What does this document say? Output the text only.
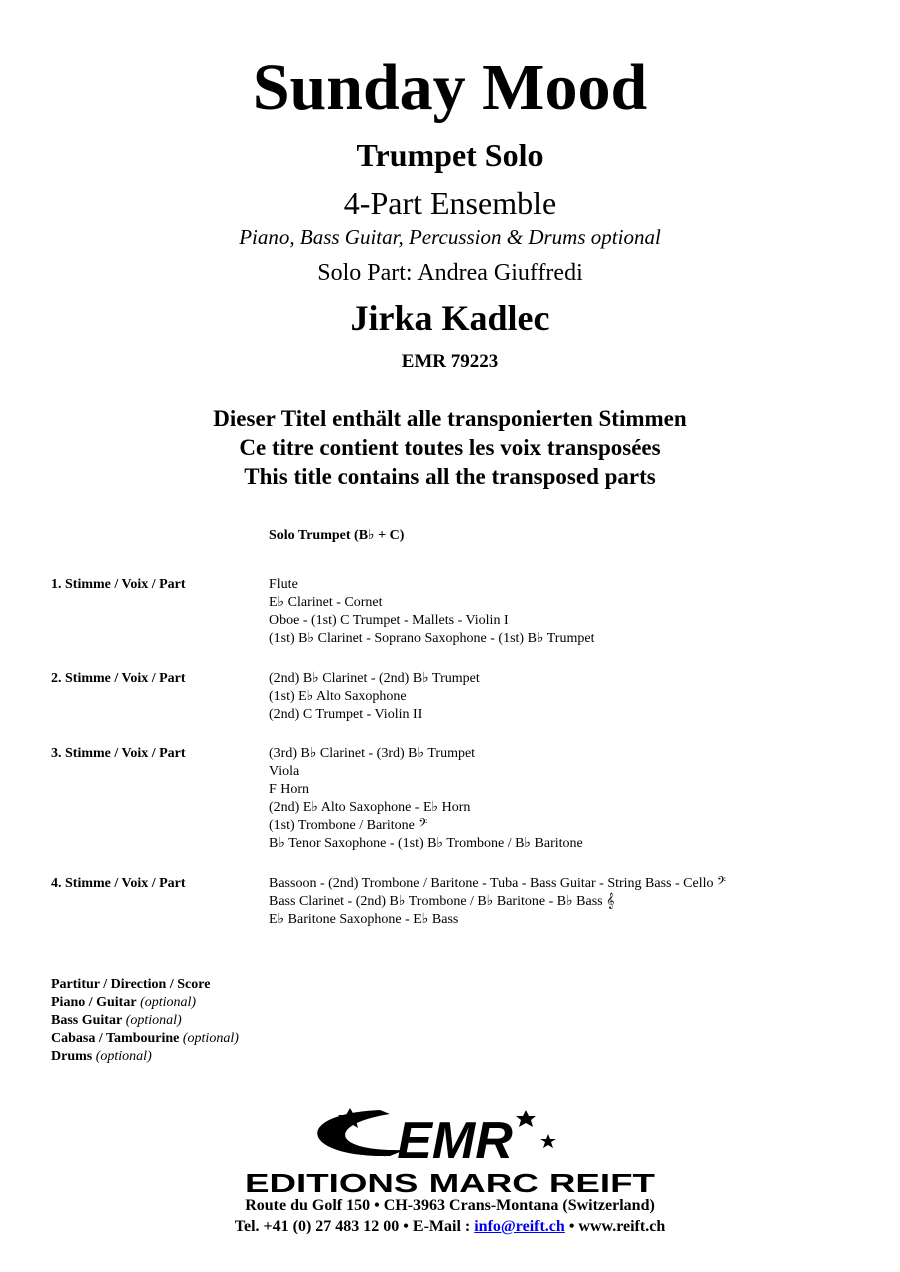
Sunday Mood
Trumpet Solo
4-Part Ensemble
Piano, Bass Guitar, Percussion & Drums optional
Solo Part: Andrea Giuffredi
Jirka Kadlec
EMR 79223
Dieser Titel enthält alle transponierten Stimmen
Ce titre contient toutes les voix transposées
This title contains all the transposed parts
Solo Trumpet (B♭ + C)
1. Stimme / Voix / Part	Flute
E♭ Clarinet - Cornet
Oboe - (1st) C Trumpet - Mallets - Violin I
(1st) B♭ Clarinet - Soprano Saxophone - (1st) B♭ Trumpet
2. Stimme / Voix / Part	(2nd) B♭ Clarinet - (2nd) B♭ Trumpet
(1st) E♭ Alto Saxophone
(2nd) C Trumpet - Violin II
3. Stimme / Voix / Part	(3rd) B♭ Clarinet - (3rd) B♭ Trumpet
Viola
F Horn
(2nd) E♭ Alto Saxophone - E♭ Horn
(1st) Trombone / Baritone 𝄢
B♭ Tenor Saxophone - (1st) B♭ Trombone / B♭ Baritone
4. Stimme / Voix / Part	Bassoon - (2nd) Trombone / Baritone - Tuba - Bass Guitar - String Bass - Cello 𝄢
Bass Clarinet - (2nd) B♭ Trombone / B♭ Baritone - B♭ Bass 𝄞
E♭ Baritone Saxophone - E♭ Bass
Partitur / Direction / Score
Piano / Guitar (optional)
Bass Guitar (optional)
Cabasa / Tambourine (optional)
Drums (optional)
EMR
EDITIONS MARC REIFT
Route du Golf 150 • CH-3963 Crans-Montana (Switzerland)
Tel. +41 (0) 27 483 12 00 • E-Mail : info@reift.ch • www.reift.ch
